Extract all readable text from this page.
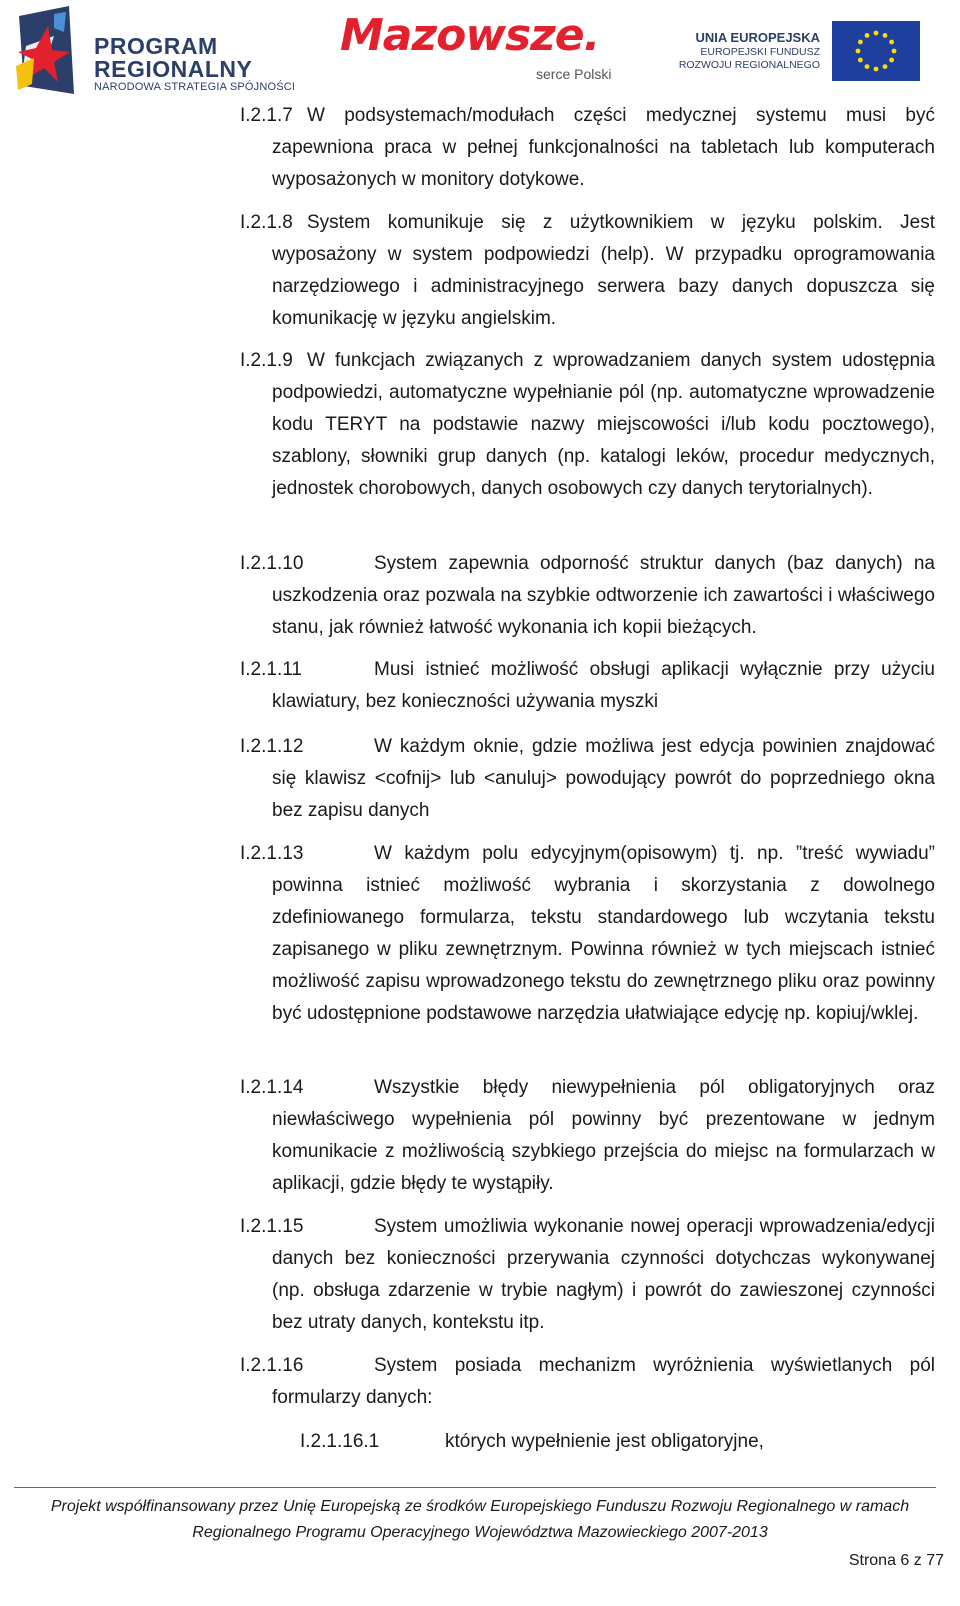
PROGRAM
REGIONALNY
NARODOWA STRATEGIA SPÓJNOŚCI
Mazowsze.
serce Polski
UNIA EUROPEJSKA
EUROPEJSKI FUNDUSZ
ROZWOJU REGIONALNEGO
I.2.1.7 W podsystemach/modułach części medycznej systemu musi być zapewniona praca w pełnej funkcjonalności na tabletach lub komputerach wyposażonych w monitory dotykowe.
I.2.1.8 System komunikuje się z użytkownikiem w języku polskim. Jest wyposażony w system podpowiedzi (help). W przypadku oprogramowania narzędziowego i administracyjnego serwera bazy danych dopuszcza się komunikację w języku angielskim.
I.2.1.9 W funkcjach związanych z wprowadzaniem danych system udostępnia podpowiedzi, automatyczne wypełnianie pól (np. automatyczne wprowadzenie kodu TERYT na podstawie nazwy miejscowości i/lub kodu pocztowego), szablony, słowniki grup danych (np. katalogi leków, procedur medycznych, jednostek chorobowych, danych osobowych czy danych terytorialnych).
I.2.1.10	System zapewnia odporność struktur danych (baz danych) na uszkodzenia oraz pozwala na szybkie odtworzenie ich zawartości i właściwego stanu, jak również łatwość wykonania ich kopii bieżących.
I.2.1.11	Musi istnieć możliwość obsługi aplikacji wyłącznie przy użyciu klawiatury, bez konieczności używania myszki
I.2.1.12	W każdym oknie, gdzie możliwa jest edycja powinien znajdować się klawisz <cofnij> lub <anuluj> powodujący powrót do poprzedniego okna bez zapisu danych
I.2.1.13	W każdym polu edycyjnym(opisowym) tj. np. ”treść wywiadu” powinna istnieć możliwość wybrania i skorzystania z dowolnego zdefiniowanego formularza, tekstu standardowego lub wczytania tekstu zapisanego w pliku zewnętrznym. Powinna również w tych miejscach istnieć możliwość zapisu wprowadzonego tekstu do zewnętrznego pliku oraz powinny być udostępnione podstawowe narzędzia ułatwiające edycję np. kopiuj/wklej.
I.2.1.14	Wszystkie błędy niewypełnienia pól obligatoryjnych oraz niewłaściwego wypełnienia pól powinny być prezentowane w jednym komunikacie z możliwością szybkiego przejścia do miejsc na formularzach w aplikacji, gdzie błędy te wystąpiły.
I.2.1.15	System umożliwia wykonanie nowej operacji wprowadzenia/edycji danych bez konieczności przerywania czynności dotychczas wykonywanej (np. obsługa zdarzenie w trybie nagłym) i powrót do zawieszonej czynności bez utraty danych, kontekstu itp.
I.2.1.16	System posiada mechanizm wyróżnienia wyświetlanych pól formularzy danych:
I.2.1.16.1	których wypełnienie jest obligatoryjne,
Projekt współfinansowany przez Unię Europejską ze środków Europejskiego Funduszu Rozwoju Regionalnego w ramach
Regionalnego Programu Operacyjnego Województwa Mazowieckiego 2007-2013
Strona 6 z 77
